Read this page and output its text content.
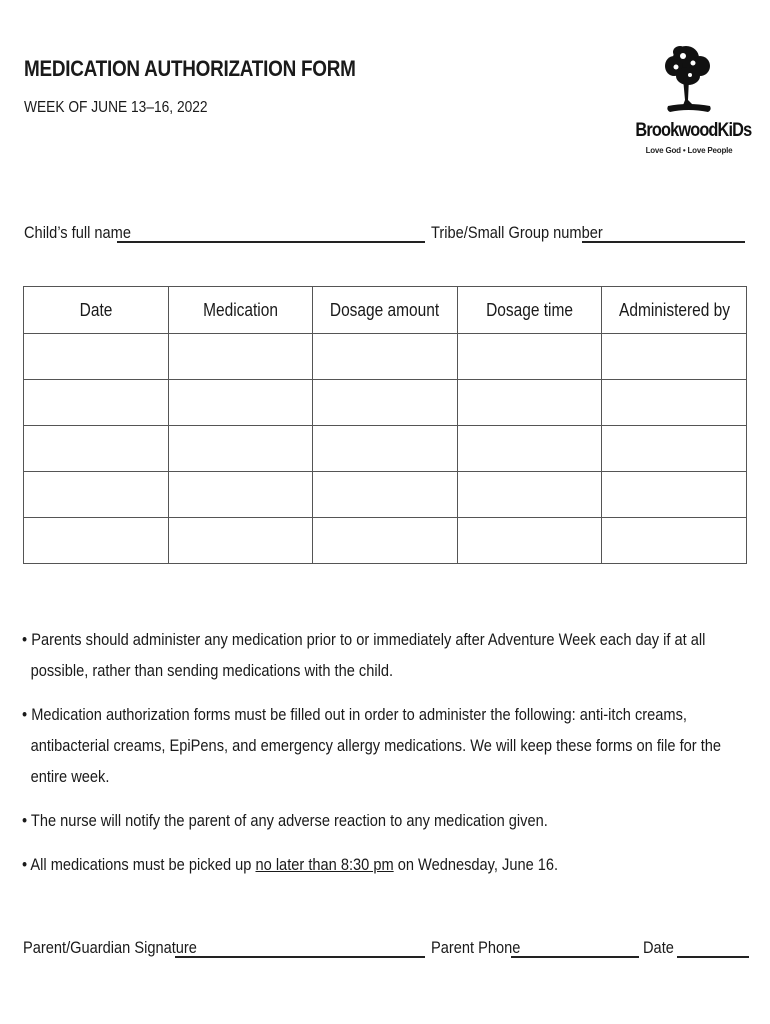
MEDICATION AUTHORIZATION FORM
WEEK OF JUNE 13–16, 2022
BrookwoodKiDs
Love God • Love People
Child’s full name	Tribe/Small Group number
Date	Medication	Dosage amount	Dosage time	Administered by

• Parents should administer any medication prior to or immediately after Adventure Week each day if at all possible, rather than sending medications with the child.
• Medication authorization forms must be filled out in order to administer the following: anti-itch creams, antibacterial creams, EpiPens, and emergency allergy medications. We will keep these forms on file for the entire week.
• The nurse will notify the parent of any adverse reaction to any medication given.
• All medications must be picked up no later than 8:30 pm on Wednesday, June 16.
Parent/Guardian Signature	Parent Phone	Date
